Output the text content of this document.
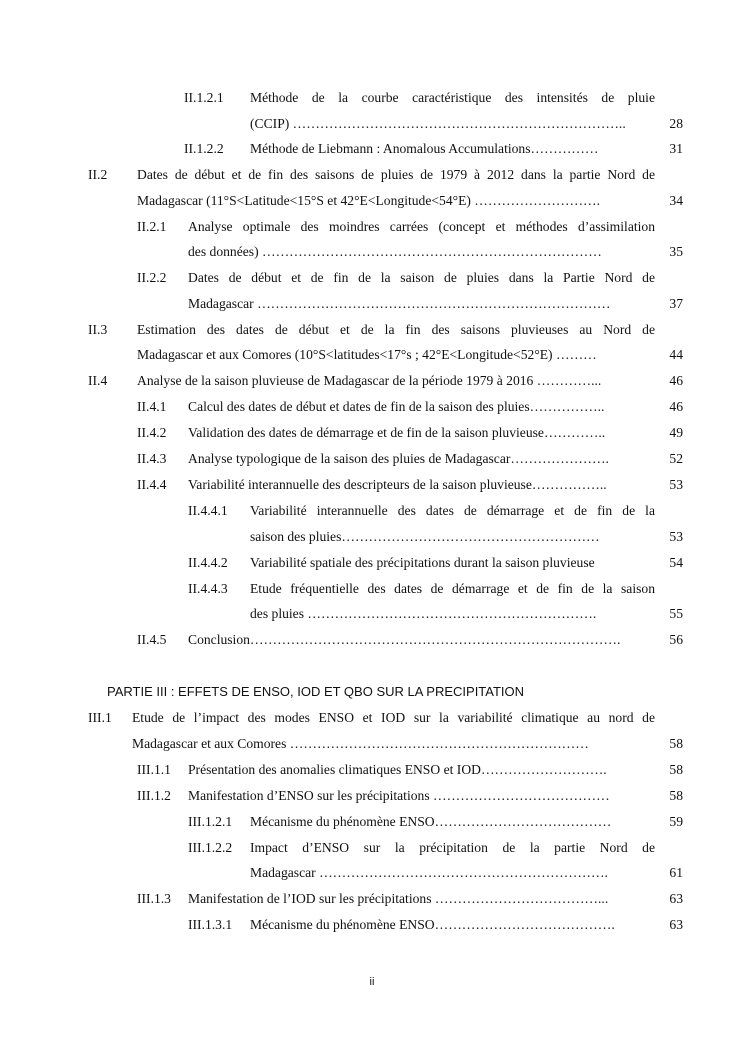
II.1.2.1 Méthode de la courbe caractéristique des intensités de pluie
(CCIP) ………………………………………………………………..	28
II.1.2.2 Méthode de Liebmann : Anomalous Accumulations……………	31
II.2 Dates de début et de fin des saisons de pluies de 1979 à 2012 dans la partie Nord de
Madagascar (11°S<Latitude<15°S et 42°E<Longitude<54°E) ……………………….	34
II.2.1 Analyse optimale des moindres carrées (concept et méthodes d’assimilation
des données) …………………………………………………………………	35
II.2.2 Dates de début et de fin de la saison de pluies dans la Partie Nord de
Madagascar ……………………………………………………………………	37
II.3 Estimation des dates de début et de la fin des saisons pluvieuses au Nord de
Madagascar et aux Comores (10°S<latitudes<17°s ; 42°E<Longitude<52°E) ………	44
II.4 Analyse de la saison pluvieuse de Madagascar de la période 1979 à 2016 …………...	46
II.4.1 Calcul des dates de début et dates de fin de la saison des pluies……………..	46
II.4.2 Validation des dates de démarrage et de fin de la saison pluvieuse…………..	49
II.4.3 Analyse typologique de la saison des pluies de Madagascar………………….	52
II.4.4 Variabilité interannuelle des descripteurs de la saison pluvieuse……………..	53
II.4.4.1 Variabilité interannuelle des dates de démarrage et de fin de la
saison des pluies…………………………………………………	53
II.4.4.2 Variabilité spatiale des précipitations durant la saison pluvieuse	54
II.4.4.3 Etude fréquentielle des dates de démarrage et de fin de la saison
des pluies ……………………………………………………….	55
II.4.5 Conclusion……………………………………………………………………….	56
PARTIE III : EFFETS DE ENSO, IOD ET QBO SUR LA PRECIPITATION
III.1 Etude de l’impact des modes ENSO et IOD sur la variabilité climatique au nord de
Madagascar et aux Comores …………………………………………………………	58
III.1.1 Présentation des anomalies climatiques ENSO et IOD……………………….	58
III.1.2 Manifestation d’ENSO sur les précipitations …………………………………	58
III.1.2.1 Mécanisme du phénomène ENSO…………………………………	59
III.1.2.2 Impact d’ENSO sur la précipitation de la partie Nord de
Madagascar ……………………………………………………….	61
III.1.3 Manifestation de l’IOD sur les précipitations ………………………………...	63
III.1.3.1 Mécanisme du phénomène ENSO………………………………….	63
ii
